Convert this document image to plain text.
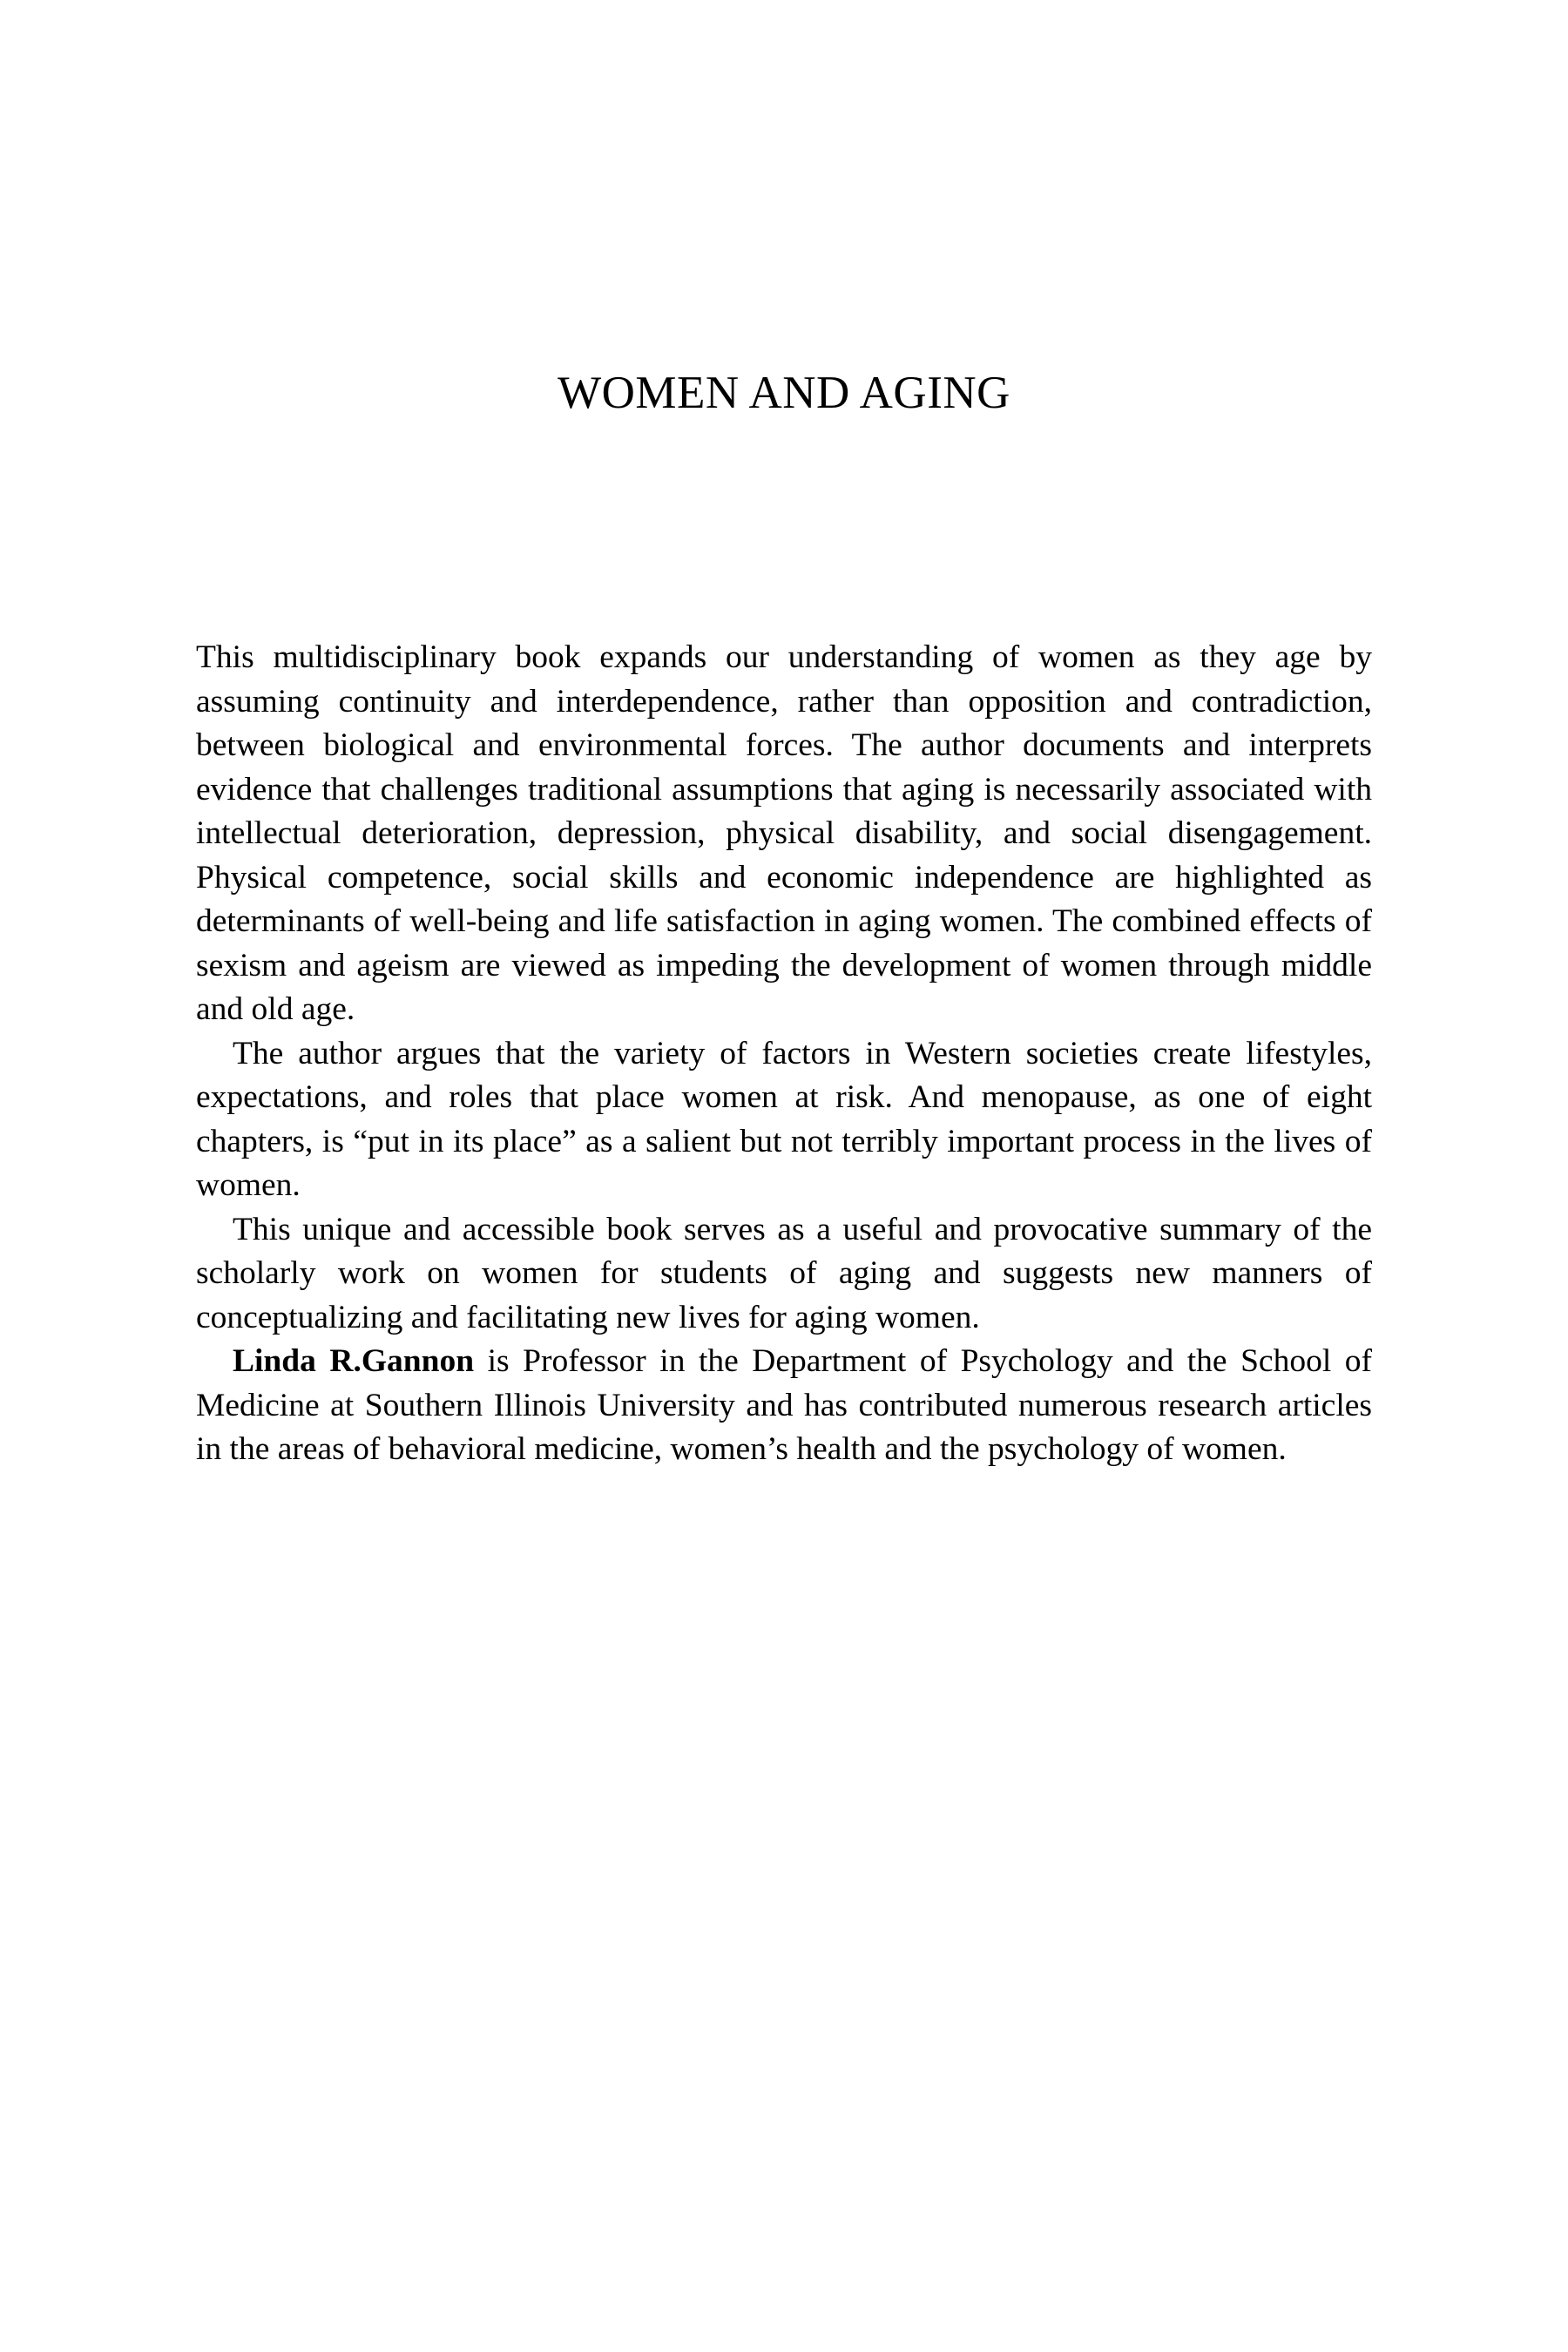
WOMEN AND AGING

This multidisciplinary book expands our understanding of women as they age by assuming continuity and interdependence, rather than opposition and contradiction, between biological and environmental forces. The author documents and interprets evidence that challenges traditional assumptions that aging is necessarily associated with intellectual deterioration, depression, physical disability, and social disengagement. Physical competence, social skills and economic independence are highlighted as determinants of well-being and life satisfaction in aging women. The combined effects of sexism and ageism are viewed as impeding the development of women through middle and old age.

The author argues that the variety of factors in Western societies create lifestyles, expectations, and roles that place women at risk. And menopause, as one of eight chapters, is “put in its place” as a salient but not terribly important process in the lives of women.

This unique and accessible book serves as a useful and provocative summary of the scholarly work on women for students of aging and suggests new manners of conceptualizing and facilitating new lives for aging women.

Linda R.Gannon is Professor in the Department of Psychology and the School of Medicine at Southern Illinois University and has contributed numerous research articles in the areas of behavioral medicine, women’s health and the psychology of women.
